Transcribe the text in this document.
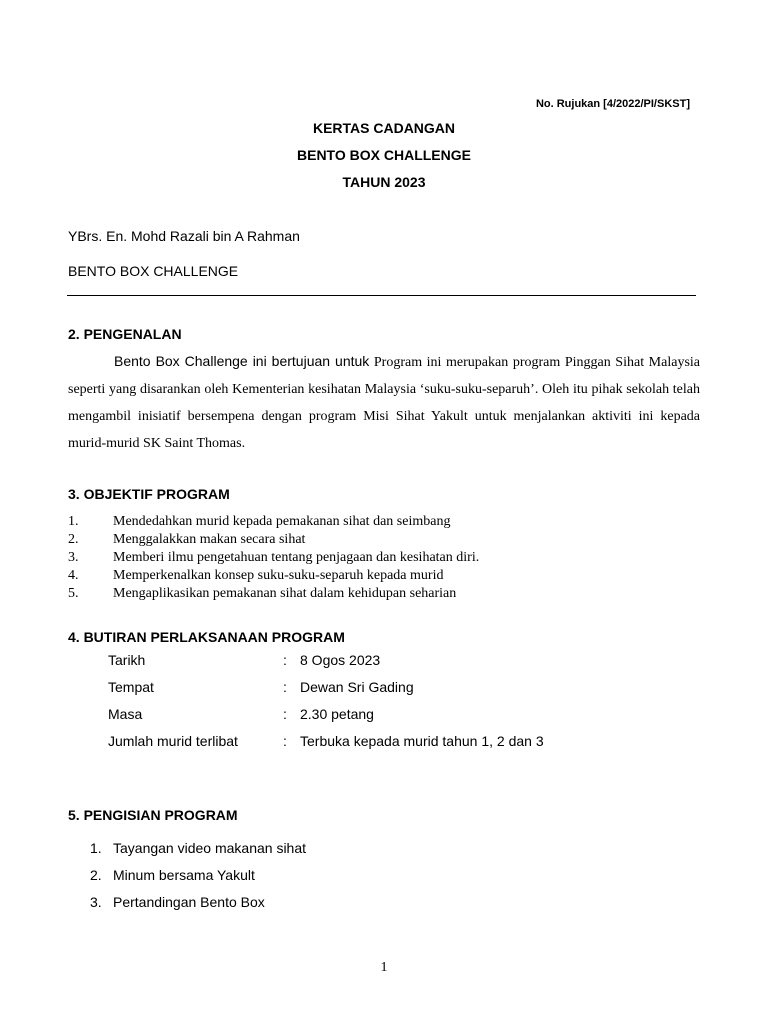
No. Rujukan [4/2022/PI/SKST]
KERTAS CADANGAN
BENTO BOX CHALLENGE
TAHUN 2023
YBrs. En. Mohd Razali bin A Rahman
BENTO BOX CHALLENGE
2. PENGENALAN

Bento Box Challenge ini bertujuan untuk Program ini merupakan program Pinggan Sihat Malaysia seperti yang disarankan oleh Kementerian kesihatan Malaysia ‘suku-suku-separuh’. Oleh itu pihak sekolah telah mengambil inisiatif bersempena dengan program Misi Sihat Yakult untuk menjalankan aktiviti ini kepada murid-murid SK Saint Thomas.

3. OBJEKTIF PROGRAM
1. Mendedahkan murid kepada pemakanan sihat dan seimbang
2. Menggalakkan makan secara sihat
3. Memberi ilmu pengetahuan tentang penjagaan dan kesihatan diri.
4. Memperkenalkan konsep suku-suku-separuh kepada murid
5. Mengaplikasikan pemakanan sihat dalam kehidupan seharian
4. BUTIRAN PERLAKSANAAN PROGRAM
Tarikh	: 8 Ogos 2023
Tempat	: Dewan Sri Gading
Masa	: 2.30 petang
Jumlah murid terlibat	: Terbuka kepada murid tahun 1, 2 dan 3
5. PENGISIAN PROGRAM
1. Tayangan video makanan sihat
2. Minum bersama Yakult
3. Pertandingan Bento Box
1
